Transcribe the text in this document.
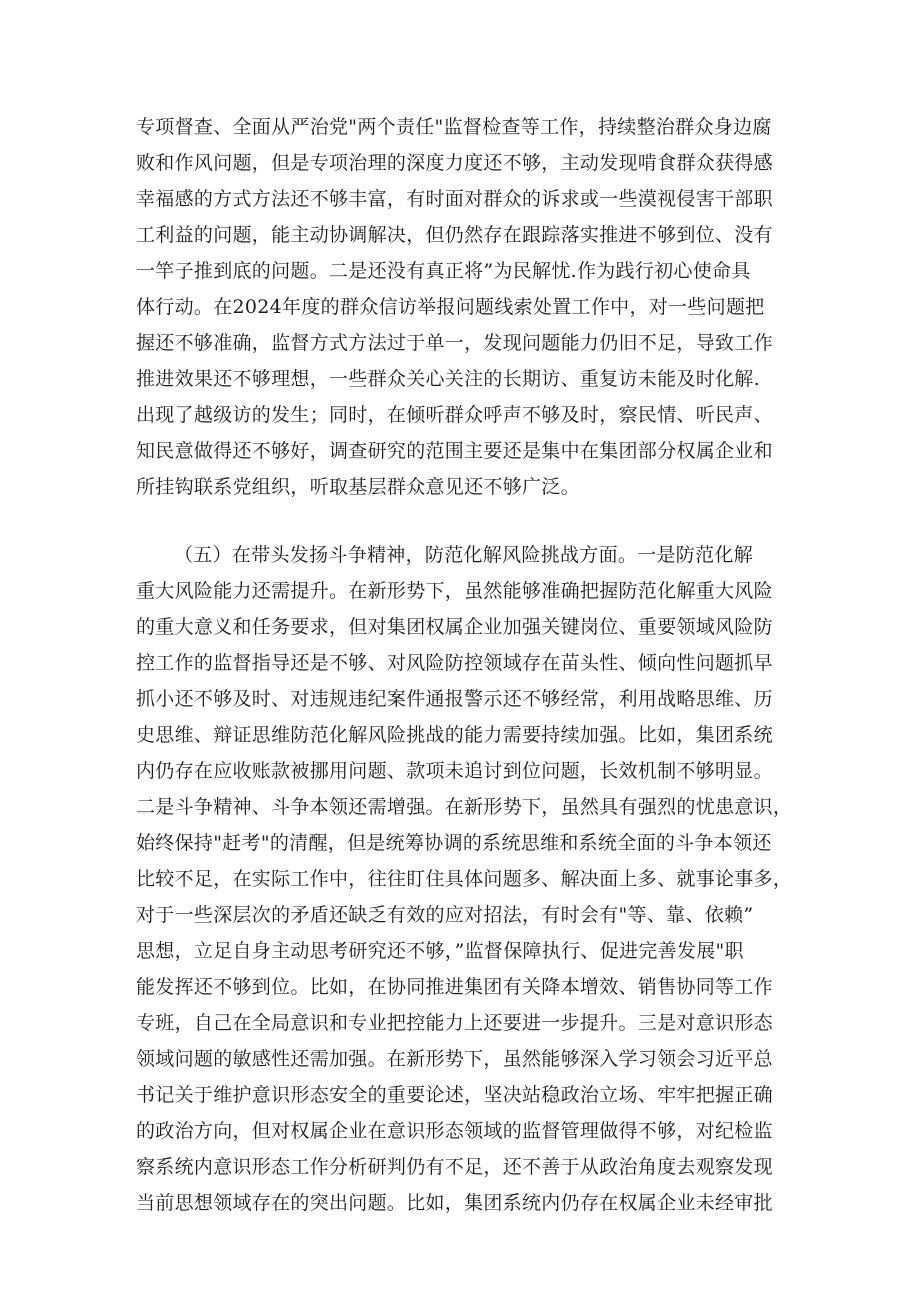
专项督查、全面从严治党"两个责任"监督检查等工作，持续整治群众身边腐
败和作风问题，但是专项治理的深度力度还不够，主动发现啃食群众获得感
幸福感的方式方法还不够丰富，有时面对群众的诉求或一些漠视侵害干部职
工利益的问题，能主动协调解决，但仍然存在跟踪落实推进不够到位、没有
一竿子推到底的问题。二是还没有真正将”为民解忧.作为践行初心使命具
体行动。在2024年度的群众信访举报问题线索处置工作中，对一些问题把
握还不够准确，监督方式方法过于单一，发现问题能力仍旧不足，导致工作
推进效果还不够理想，一些群众关心关注的长期访、重复访未能及时化解.
出现了越级访的发生；同时，在倾听群众呼声不够及时，察民情、听民声、
知民意做得还不够好，调查研究的范围主要还是集中在集团部分权属企业和
所挂钩联系党组织，听取基层群众意见还不够广泛。
（五）在带头发扬斗争精神，防范化解风险挑战方面。一是防范化解
重大风险能力还需提升。在新形势下，虽然能够准确把握防范化解重大风险
的重大意义和任务要求，但对集团权属企业加强关键岗位、重要领域风险防
控工作的监督指导还是不够、对风险防控领域存在苗头性、倾向性问题抓早
抓小还不够及时、对违规违纪案件通报警示还不够经常，利用战略思维、历
史思维、辩证思维防范化解风险挑战的能力需要持续加强。比如，集团系统
内仍存在应收账款被挪用问题、款项未追讨到位问题，长效机制不够明显。
二是斗争精神、斗争本领还需增强。在新形势下，虽然具有强烈的忧患意识，
始终保持"赶考"的清醒，但是统筹协调的系统思维和系统全面的斗争本领还
比较不足，在实际工作中，往往盯住具体问题多、解决面上多、就事论事多，
对于一些深层次的矛盾还缺乏有效的应对招法，有时会有"等、靠、依赖”
思想，立足自身主动思考研究还不够，”监督保障执行、促进完善发展"职
能发挥还不够到位。比如，在协同推进集团有关降本增效、销售协同等工作
专班，自己在全局意识和专业把控能力上还要进一步提升。三是对意识形态
领域问题的敏感性还需加强。在新形势下，虽然能够深入学习领会习近平总
书记关于维护意识形态安全的重要论述，坚决站稳政治立场、牢牢把握正确
的政治方向，但对权属企业在意识形态领域的监督管理做得不够，对纪检监
察系统内意识形态工作分析研判仍有不足，还不善于从政治角度去观察发现
当前思想领域存在的突出问题。比如，集团系统内仍存在权属企业未经审批
